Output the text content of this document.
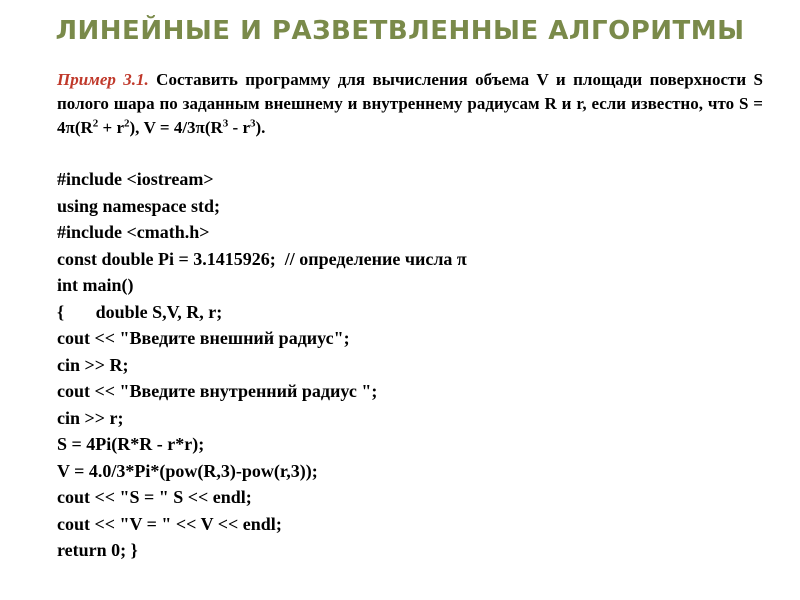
ЛИНЕЙНЫЕ И РАЗВЕТВЛЕННЫЕ АЛГОРИТМЫ
Пример 3.1. Составить программу для вычисления объема V и площади поверхности S полого шара по заданным внешнему и внутреннему радиусам R и r, если известно, что $S = 4\pi(R^2 + r^2)$, $V = 4/3\pi(R^3 - r^3)$.
#include <iostream>
using namespace std;
#include <cmath.h>
const double Pi = 3.1415926;  // определение числа π
int main()
{       double S,V, R, r;
cout << "Введите внешний радиус";
cin >> R;
cout << "Введите внутренний радиус ";
cin >> r;
S = 4Pi(R*R - r*r);
V = 4.0/3*Pi*(pow(R,3)-pow(r,3));
cout << "S = " S << endl;
cout << "V = " << V << endl;
return 0; }
